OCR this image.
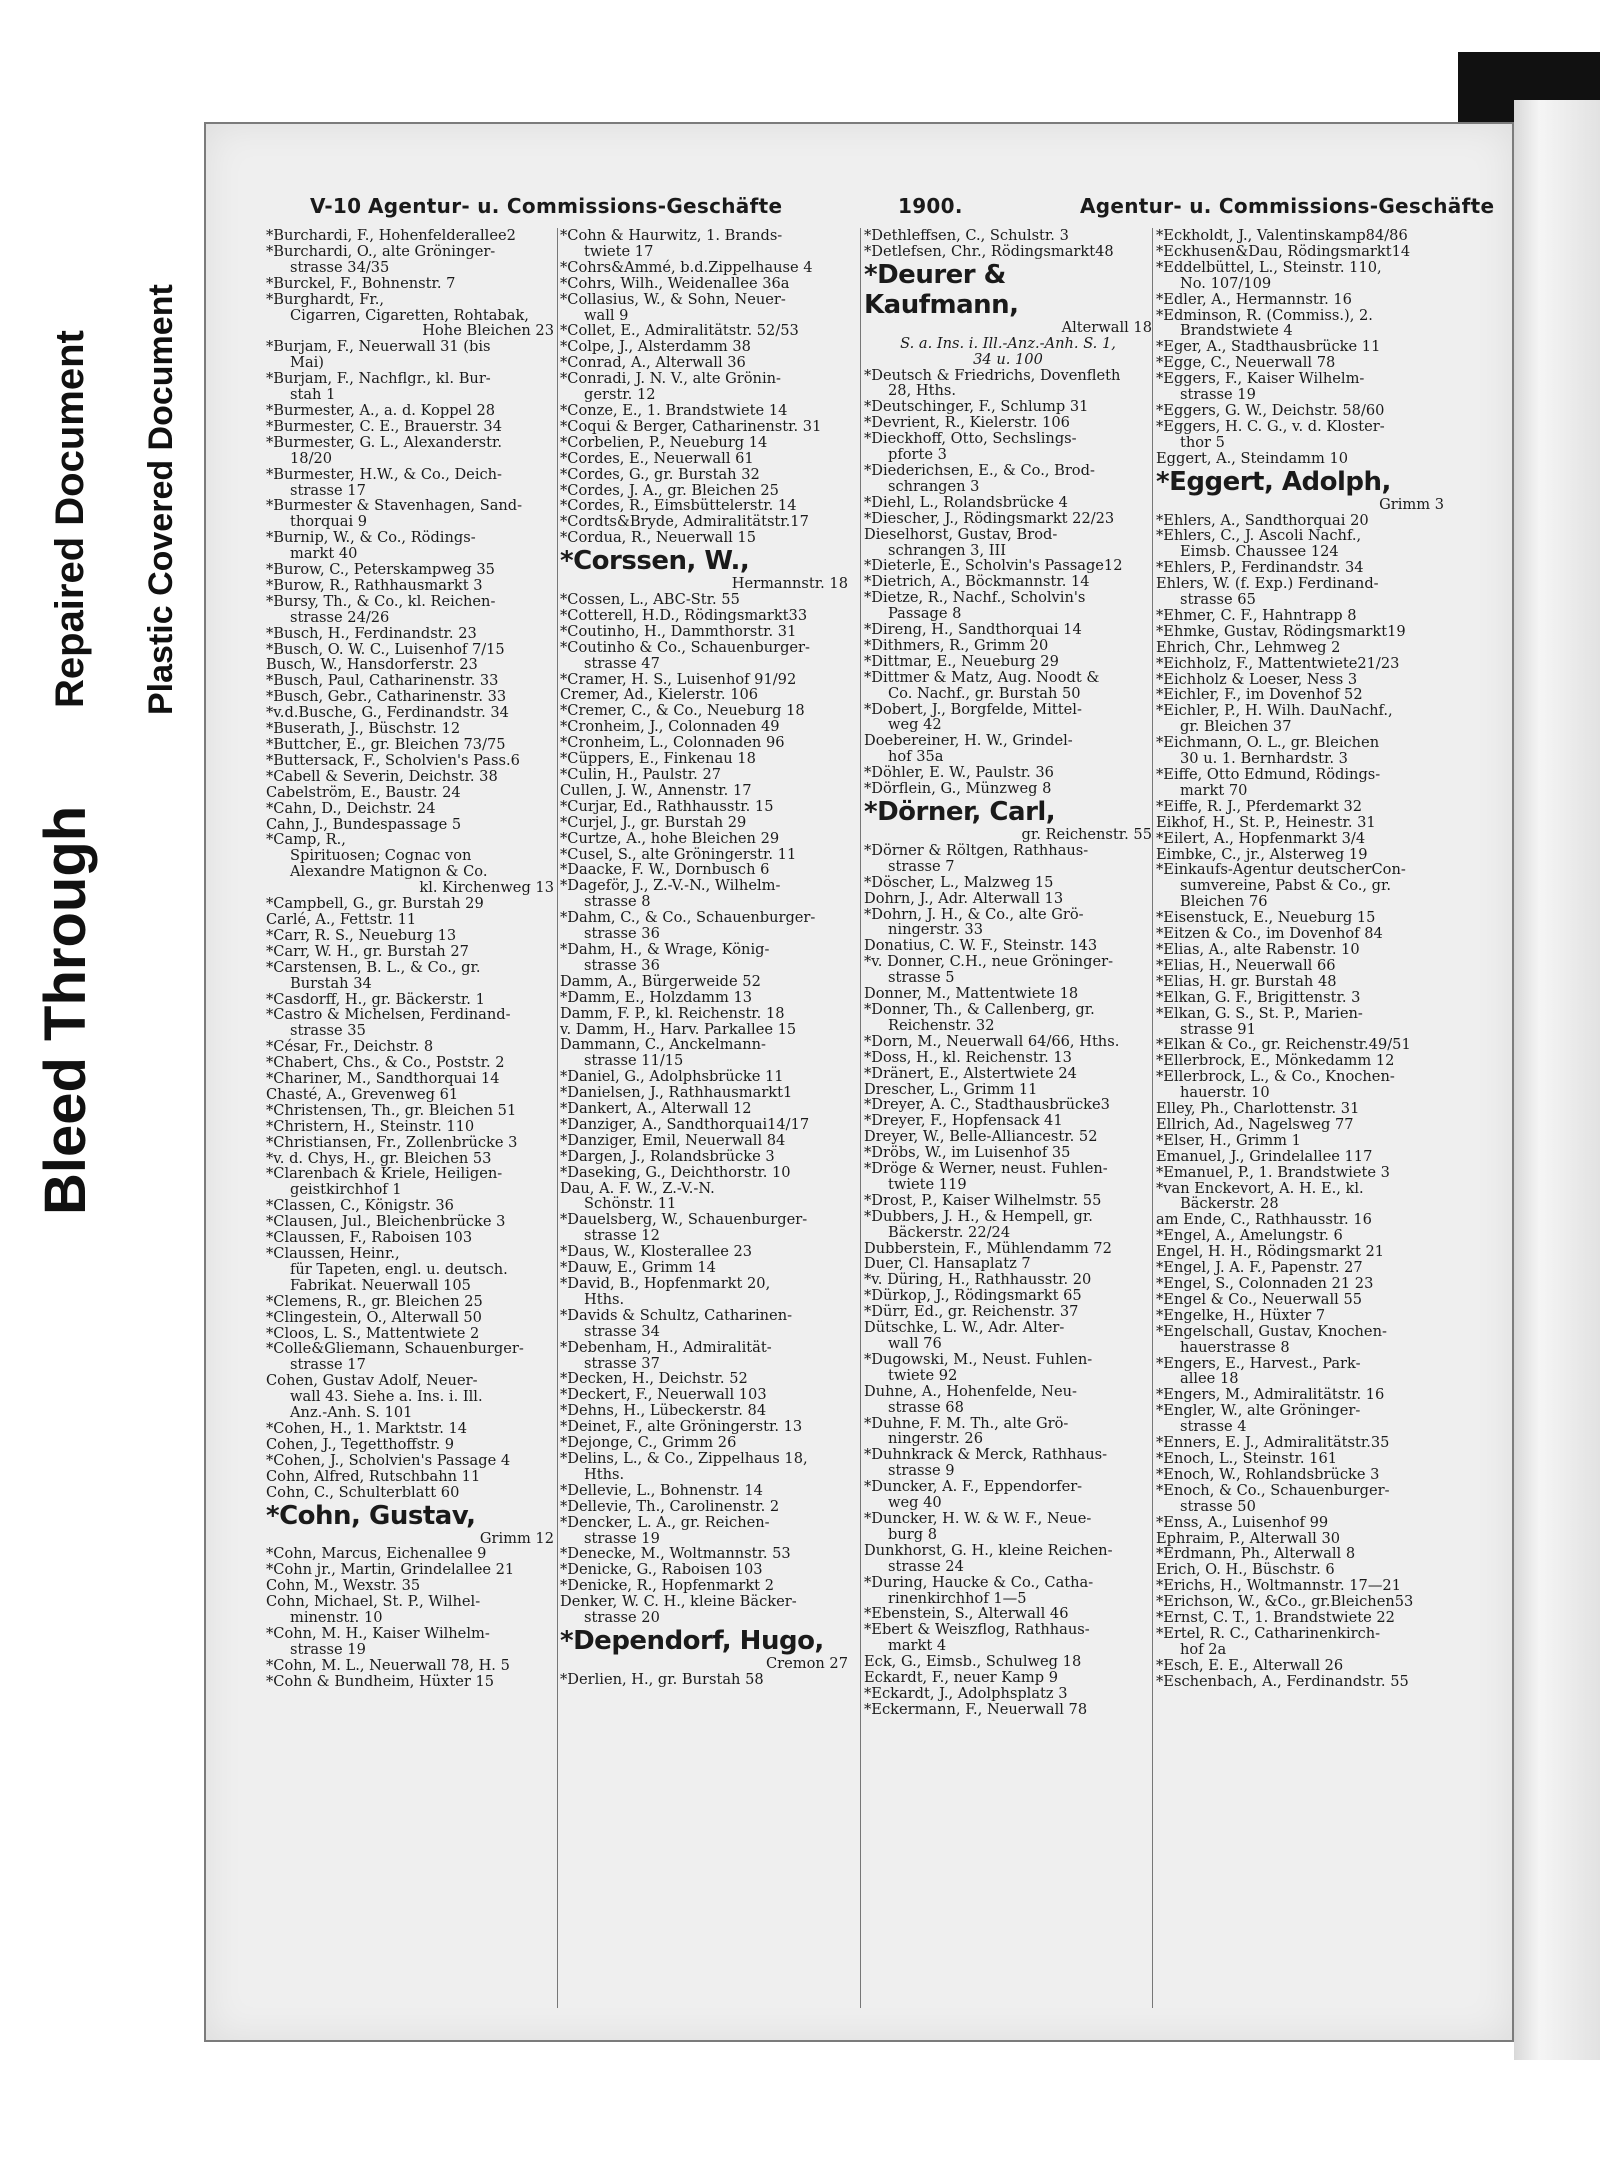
Bleed Through
Repaired Document Plastic Covered Document
V-10 Agentur- u. Commissions-Geschäfte	1900.	Agentur- u. Commissions-Geschäfte
*Burchardi, F., Hohenfelderallee2
*Burchardi, O., alte Gröninger-
strasse 34/35
*Burckel, F., Bohnenstr. 7
*Burghardt, Fr.,
Cigarren, Cigaretten, Rohtabak,
Hohe Bleichen 23
*Burjam, F., Neuerwall 31 (bis
Mai)
*Burjam, F., Nachflgr., kl. Bur-
stah 1
*Burmester, A., a. d. Koppel 28
*Burmester, C. E., Brauerstr. 34
*Burmester, G. L., Alexanderstr.
18/20
*Burmester, H.W., & Co., Deich-
strasse 17
*Burmester & Stavenhagen, Sand-
thorquai 9
*Burnip, W., & Co., Rödings-
markt 40
*Burow, C., Peterskampweg 35
*Burow, R., Rathhausmarkt 3
*Bursy, Th., & Co., kl. Reichen-
strasse 24/26
*Busch, H., Ferdinandstr. 23
*Busch, O. W. C., Luisenhof 7/15
Busch, W., Hansdorferstr. 23
*Busch, Paul, Catharinenstr. 33
*Busch, Gebr., Catharinenstr. 33
*v.d.Busche, G., Ferdinandstr. 34
*Buserath, J., Büschstr. 12
*Buttcher, E., gr. Bleichen 73/75
*Buttersack, F., Scholvien's Pass.6
*Cabell & Severin, Deichstr. 38
Cabelström, E., Baustr. 24
*Cahn, D., Deichstr. 24
Cahn, J., Bundespassage 5
*Camp, R.,
Spirituosen; Cognac von
Alexandre Matignon & Co.
kl. Kirchenweg 13
*Campbell, G., gr. Burstah 29
Carlé, A., Fettstr. 11
*Carr, R. S., Neueburg 13
*Carr, W. H., gr. Burstah 27
*Carstensen, B. L., & Co., gr.
Burstah 34
*Casdorff, H., gr. Bäckerstr. 1
*Castro & Michelsen, Ferdinand-
strasse 35
*César, Fr., Deichstr. 8
*Chabert, Chs., & Co., Poststr. 2
*Chariner, M., Sandthorquai 14
Chasté, A., Grevenweg 61
*Christensen, Th., gr. Bleichen 51
*Christern, H., Steinstr. 110
*Christiansen, Fr., Zollenbrücke 3
*v. d. Chys, H., gr. Bleichen 53
*Clarenbach & Kriele, Heiligen-
geistkirchhof 1
*Classen, C., Königstr. 36
*Clausen, Jul., Bleichenbrücke 3
*Claussen, F., Raboisen 103
*Claussen, Heinr.,
für Tapeten, engl. u. deutsch.
Fabrikat. Neuerwall 105
*Clemens, R., gr. Bleichen 25
*Clingestein, O., Alterwall 50
*Cloos, L. S., Mattentwiete 2
*Colle&Gliemann, Schauenburger-
strasse 17
Cohen, Gustav Adolf, Neuer-
wall 43. Siehe a. Ins. i. Ill.
Anz.-Anh. S. 101
*Cohen, H., 1. Marktstr. 14
Cohen, J., Tegetthoffstr. 9
*Cohen, J., Scholvien's Passage 4
Cohn, Alfred, Rutschbahn 11
Cohn, C., Schulterblatt 60
*Cohn, Gustav,
Grimm 12
*Cohn, Marcus, Eichenallee 9
*Cohn jr., Martin, Grindelallee 21
Cohn, M., Wexstr. 35
Cohn, Michael, St. P., Wilhel-
minenstr. 10
*Cohn, M. H., Kaiser Wilhelm-
strasse 19
*Cohn, M. L., Neuerwall 78, H. 5
*Cohn & Bundheim, Hüxter 15
*Cohn & Haurwitz, 1. Brands-
twiete 17
*Cohrs&Ammé, b.d.Zippelhause 4
*Cohrs, Wilh., Weidenallee 36a
*Collasius, W., & Sohn, Neuer-
wall 9
*Collet, E., Admiralitätstr. 52/53
*Colpe, J., Alsterdamm 38
*Conrad, A., Alterwall 36
*Conradi, J. N. V., alte Grönin-
gerstr. 12
*Conze, E., 1. Brandstwiete 14
*Coqui & Berger, Catharinenstr. 31
*Corbelien, P., Neueburg 14
*Cordes, E., Neuerwall 61
*Cordes, G., gr. Burstah 32
*Cordes, J. A., gr. Bleichen 25
*Cordes, R., Eimsbüttelerstr. 14
*Cordts&Bryde, Admiralitätstr.17
*Cordua, R., Neuerwall 15
*Corssen, W.,
Hermannstr. 18
*Cossen, L., ABC-Str. 55
*Cotterell, H.D., Rödingsmarkt33
*Coutinho, H., Dammthorstr. 31
*Coutinho & Co., Schauenburger-
strasse 47
*Cramer, H. S., Luisenhof 91/92
Cremer, Ad., Kielerstr. 106
*Cremer, C., & Co., Neueburg 18
*Cronheim, J., Colonnaden 49
*Cronheim, L., Colonnaden 96
*Cüppers, E., Finkenau 18
*Culin, H., Paulstr. 27
Cullen, J. W., Annenstr. 17
*Curjar, Ed., Rathhausstr. 15
*Curjel, J., gr. Burstah 29
*Curtze, A., hohe Bleichen 29
*Cusel, S., alte Gröningerstr. 11
*Daacke, F. W., Dornbusch 6
*Dageför, J., Z.-V.-N., Wilhelm-
strasse 8
*Dahm, C., & Co., Schauenburger-
strasse 36
*Dahm, H., & Wrage, König-
strasse 36
Damm, A., Bürgerweide 52
*Damm, E., Holzdamm 13
Damm, F. P., kl. Reichenstr. 18
v. Damm, H., Harv. Parkallee 15
Dammann, C., Anckelmann-
strasse 11/15
*Daniel, G., Adolphsbrücke 11
*Danielsen, J., Rathhausmarkt1
*Dankert, A., Alterwall 12
*Danziger, A., Sandthorquai14/17
*Danziger, Emil, Neuerwall 84
*Dargen, J., Rolandsbrücke 3
*Daseking, G., Deichthorstr. 10
Dau, A. F. W., Z.-V.-N.
Schönstr. 11
*Dauelsberg, W., Schauenburger-
strasse 12
*Daus, W., Klosterallee 23
*Dauw, E., Grimm 14
*David, B., Hopfenmarkt 20,
Hths.
*Davids & Schultz, Catharinen-
strasse 34
*Debenham, H., Admiralität-
strasse 37
*Decken, H., Deichstr. 52
*Deckert, F., Neuerwall 103
*Dehns, H., Lübeckerstr. 84
*Deinet, F., alte Gröningerstr. 13
*Dejonge, C., Grimm 26
*Delins, L., & Co., Zippelhaus 18,
Hths.
*Dellevie, L., Bohnenstr. 14
*Dellevie, Th., Carolinenstr. 2
*Dencker, L. A., gr. Reichen-
strasse 19
*Denecke, M., Woltmannstr. 53
*Denicke, G., Raboisen 103
*Denicke, R., Hopfenmarkt 2
Denker, W. C. H., kleine Bäcker-
strasse 20
*Dependorf, Hugo,
Cremon 27
*Derlien, H., gr. Burstah 58
*Dethleffsen, C., Schulstr. 3
*Detlefsen, Chr., Rödingsmarkt48
*Deurer & Kaufmann,
Alterwall 18
S. a. Ins. i. Ill.-Anz.-Anh. S. 1,
34 u. 100
*Deutsch & Friedrichs, Dovenfleth
28, Hths.
*Deutschinger, F., Schlump 31
*Devrient, R., Kielerstr. 106
*Dieckhoff, Otto, Sechslings-
pforte 3
*Diederichsen, E., & Co., Brod-
schrangen 3
*Diehl, L., Rolandsbrücke 4
*Diescher, J., Rödingsmarkt 22/23
Dieselhorst, Gustav, Brod-
schrangen 3, III
*Dieterle, E., Scholvin's Passage12
*Dietrich, A., Böckmannstr. 14
*Dietze, R., Nachf., Scholvin's
Passage 8
*Direng, H., Sandthorquai 14
*Dithmers, R., Grimm 20
*Dittmar, E., Neueburg 29
*Dittmer & Matz, Aug. Noodt &
Co. Nachf., gr. Burstah 50
*Dobert, J., Borgfelde, Mittel-
weg 42
Doebereiner, H. W., Grindel-
hof 35a
*Döhler, E. W., Paulstr. 36
*Dörflein, G., Münzweg 8
*Dörner, Carl,
gr. Reichenstr. 55
*Dörner & Röltgen, Rathhaus-
strasse 7
*Döscher, L., Malzweg 15
Dohrn, J., Adr. Alterwall 13
*Dohrn, J. H., & Co., alte Grö-
ningerstr. 33
Donatius, C. W. F., Steinstr. 143
*v. Donner, C.H., neue Gröninger-
strasse 5
Donner, M., Mattentwiete 18
*Donner, Th., & Callenberg, gr.
Reichenstr. 32
*Dorn, M., Neuerwall 64/66, Hths.
*Doss, H., kl. Reichenstr. 13
*Dränert, E., Alstertwiete 24
Drescher, L., Grimm 11
*Dreyer, A. C., Stadthausbrücke3
*Dreyer, F., Hopfensack 41
Dreyer, W., Belle-Alliancestr. 52
*Dröbs, W., im Luisenhof 35
*Dröge & Werner, neust. Fuhlen-
twiete 119
*Drost, P., Kaiser Wilhelmstr. 55
*Dubbers, J. H., & Hempell, gr.
Bäckerstr. 22/24
Dubberstein, F., Mühlendamm 72
Duer, Cl. Hansaplatz 7
*v. Düring, H., Rathhausstr. 20
*Dürkop, J., Rödingsmarkt 65
*Dürr, Ed., gr. Reichenstr. 37
Dütschke, L. W., Adr. Alter-
wall 76
*Dugowski, M., Neust. Fuhlen-
twiete 92
Duhne, A., Hohenfelde, Neu-
strasse 68
*Duhne, F. M. Th., alte Grö-
ningerstr. 26
*Duhnkrack & Merck, Rathhaus-
strasse 9
*Duncker, A. F., Eppendorfer-
weg 40
*Duncker, H. W. & W. F., Neue-
burg 8
Dunkhorst, G. H., kleine Reichen-
strasse 24
*During, Haucke & Co., Catha-
rinenkirchhof 1—5
*Ebenstein, S., Alterwall 46
*Ebert & Weiszflog, Rathhaus-
markt 4
Eck, G., Eimsb., Schulweg 18
Eckardt, F., neuer Kamp 9
*Eckardt, J., Adolphsplatz 3
*Eckermann, F., Neuerwall 78
*Eckholdt, J., Valentinskamp84/86
*Eckhusen&Dau, Rödingsmarkt14
*Eddelbüttel, L., Steinstr. 110,
No. 107/109
*Edler, A., Hermannstr. 16
*Edminson, R. (Commiss.), 2.
Brandstwiete 4
*Eger, A., Stadthausbrücke 11
*Egge, C., Neuerwall 78
*Eggers, F., Kaiser Wilhelm-
strasse 19
*Eggers, G. W., Deichstr. 58/60
*Eggers, H. C. G., v. d. Kloster-
thor 5
Eggert, A., Steindamm 10
*Eggert, Adolph,
Grimm 3
*Ehlers, A., Sandthorquai 20
*Ehlers, C., J. Ascoli Nachf.,
Eimsb. Chaussee 124
*Ehlers, P., Ferdinandstr. 34
Ehlers, W. (f. Exp.) Ferdinand-
strasse 65
*Ehmer, C. F., Hahntrapp 8
*Ehmke, Gustav, Rödingsmarkt19
Ehrich, Chr., Lehmweg 2
*Eichholz, F., Mattentwiete21/23
*Eichholz & Loeser, Ness 3
*Eichler, F., im Dovenhof 52
*Eichler, P., H. Wilh. DauNachf.,
gr. Bleichen 37
*Eichmann, O. L., gr. Bleichen
30 u. 1. Bernhardstr. 3
*Eiffe, Otto Edmund, Rödings-
markt 70
*Eiffe, R. J., Pferdemarkt 32
Eikhof, H., St. P., Heinestr. 31
*Eilert, A., Hopfenmarkt 3/4
Eimbke, C., jr., Alsterweg 19
*Einkaufs-Agentur deutscherCon-
sumvereine, Pabst & Co., gr.
Bleichen 76
*Eisenstuck, E., Neueburg 15
*Eitzen & Co., im Dovenhof 84
*Elias, A., alte Rabenstr. 10
*Elias, H., Neuerwall 66
*Elias, H. gr. Burstah 48
*Elkan, G. F., Brigittenstr. 3
*Elkan, G. S., St. P., Marien-
strasse 91
*Elkan & Co., gr. Reichenstr.49/51
*Ellerbrock, E., Mönkedamm 12
*Ellerbrock, L., & Co., Knochen-
hauerstr. 10
Elley, Ph., Charlottenstr. 31
Ellrich, Ad., Nagelsweg 77
*Elser, H., Grimm 1
Emanuel, J., Grindelallee 117
*Emanuel, P., 1. Brandstwiete 3
*van Enckevort, A. H. E., kl.
Bäckerstr. 28
am Ende, C., Rathhausstr. 16
*Engel, A., Amelungstr. 6
Engel, H. H., Rödingsmarkt 21
*Engel, J. A. F., Papenstr. 27
*Engel, S., Colonnaden 21 23
*Engel & Co., Neuerwall 55
*Engelke, H., Hüxter 7
*Engelschall, Gustav, Knochen-
hauerstrasse 8
*Engers, E., Harvest., Park-
allee 18
*Engers, M., Admiralitätstr. 16
*Engler, W., alte Gröninger-
strasse 4
*Enners, E. J., Admiralitätstr.35
*Enoch, L., Steinstr. 161
*Enoch, W., Rohlandsbrücke 3
*Enoch, & Co., Schauenburger-
strasse 50
*Enss, A., Luisenhof 99
Ephraim, P., Alterwall 30
*Erdmann, Ph., Alterwall 8
Erich, O. H., Büschstr. 6
*Erichs, H., Woltmannstr. 17—21
*Erichson, W., &Co., gr.Bleichen53
*Ernst, C. T., 1. Brandstwiete 22
*Ertel, R. C., Catharinenkirch-
hof 2a
*Esch, E. E., Alterwall 26
*Eschenbach, A., Ferdinandstr. 55
